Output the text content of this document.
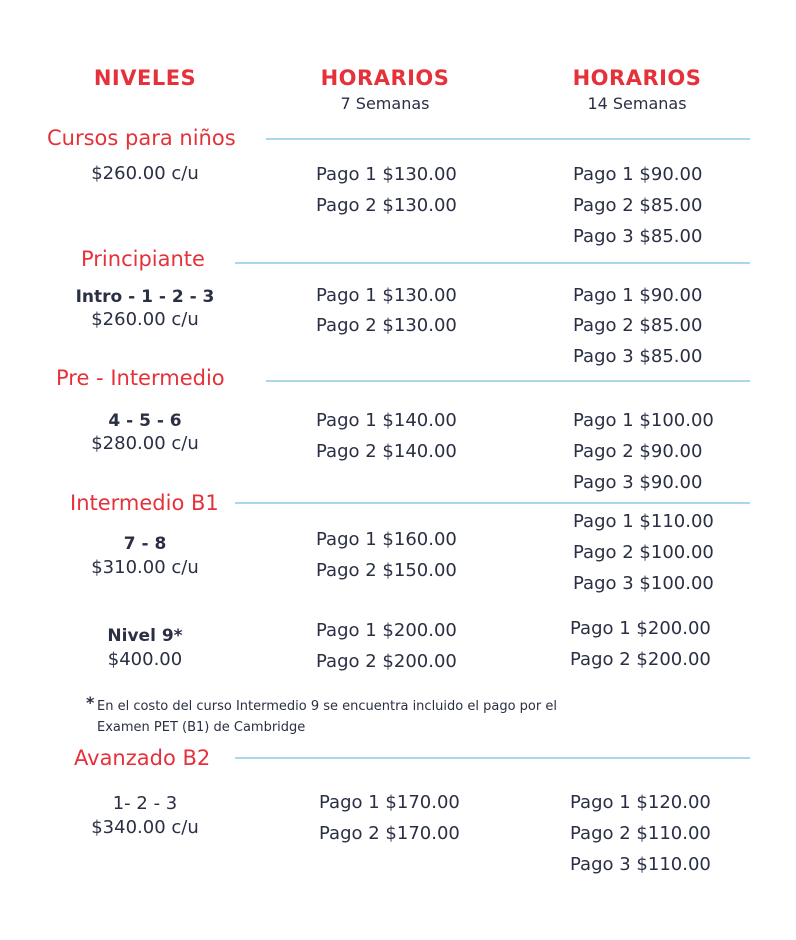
NIVELES	HORARIOS
7 Semanas
HORARIOS
14 Semanas
Cursos para niños
$260.00 c/u	Pago 1 $130.00
Pago 2 $130.00
Pago 1 $90.00
Pago 2 $85.00
Pago 3 $85.00
Principiante
Intro - 1 - 2 - 3
$260.00 c/u
Pago 1 $130.00
Pago 2 $130.00
Pago 1 $90.00
Pago 2 $85.00
Pago 3 $85.00
Pre - Intermedio
4 - 5 - 6
$280.00 c/u
Pago 1 $140.00
Pago 2 $140.00
Pago 1 $100.00
Pago 2 $90.00
Pago 3 $90.00
Intermedio B1
7 - 8
$310.00 c/u
Pago 1 $160.00
Pago 2 $150.00
Pago 1 $110.00
Pago 2 $100.00
Pago 3 $100.00
Nivel 9*
$400.00
Pago 1 $200.00
Pago 2 $200.00
Pago 1 $200.00
Pago 2 $200.00
* En el costo del curso Intermedio 9 se encuentra incluido el pago por el
Examen PET (B1) de Cambridge
Avanzado B2
1- 2 - 3
$340.00 c/u
Pago 1 $170.00
Pago 2 $170.00
Pago 1 $120.00
Pago 2 $110.00
Pago 3 $110.00
